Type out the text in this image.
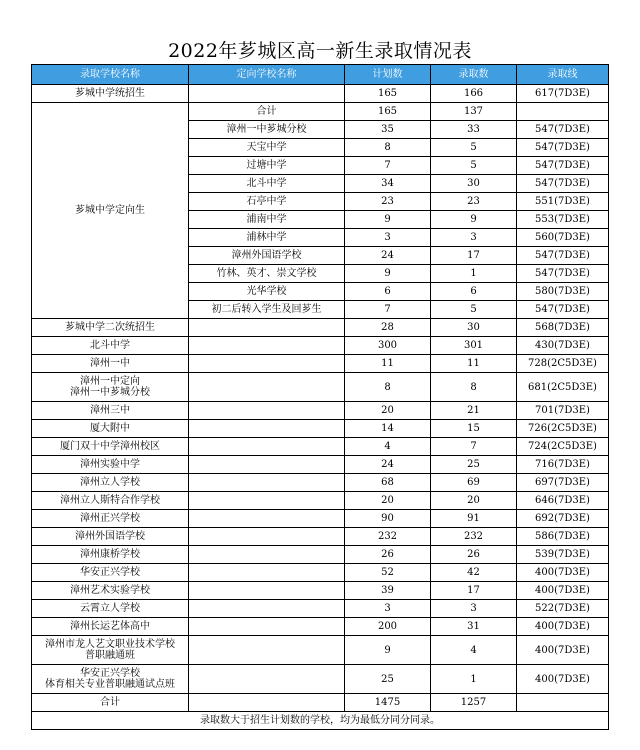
2022年芗城区高一新生录取情况表
录取学校名称	定向学校名称	计划数	录取数	录取线
芗城中学统招生		165	166	617(7D3E)
芗城中学定向生	合计	165	137	
	漳州一中芗城分校	35	33	547(7D3E)
	天宝中学	8	5	547(7D3E)
	过塘中学	7	5	547(7D3E)
	北斗中学	34	30	547(7D3E)
	石亭中学	23	23	551(7D3E)
	浦南中学	9	9	553(7D3E)
	浦林中学	3	3	560(7D3E)
	漳州外国语学校	24	17	547(7D3E)
	竹林、英才、崇文学校	9	1	547(7D3E)
	光华学校	6	6	580(7D3E)
	初二后转入学生及回芗生	7	5	547(7D3E)
芗城中学二次统招生		28	30	568(7D3E)
北斗中学		300	301	430(7D3E)
漳州一中		11	11	728(2C5D3E)

漳州一中定向
漳州一中芗城分校		8	8	681(2C5D3E)
漳州三中		20	21	701(7D3E)
厦大附中		14	15	726(2C5D3E)
厦门双十中学漳州校区		4	7	724(2C5D3E)
漳州实验中学		24	25	716(7D3E)
漳州立人学校		68	69	697(7D3E)
漳州立人斯特合作学校		20	20	646(7D3E)
漳州正兴学校		90	91	692(7D3E)
漳州外国语学校		232	232	586(7D3E)
漳州康桥学校		26	26	539(7D3E)
华安正兴学校		52	42	400(7D3E)
漳州艺术实验学校		39	17	400(7D3E)
云霄立人学校		3	3	522(7D3E)
漳州长运艺体高中		200	31	400(7D3E)

漳州市龙人艺文职业技术学校
普职融通班		9	4	400(7D3E)

华安正兴学校
体育相关专业普职融通试点班		25	1	400(7D3E)
合计		1475	1257	
录取数大于招生计划数的学校，均为最低分同分同录。				
